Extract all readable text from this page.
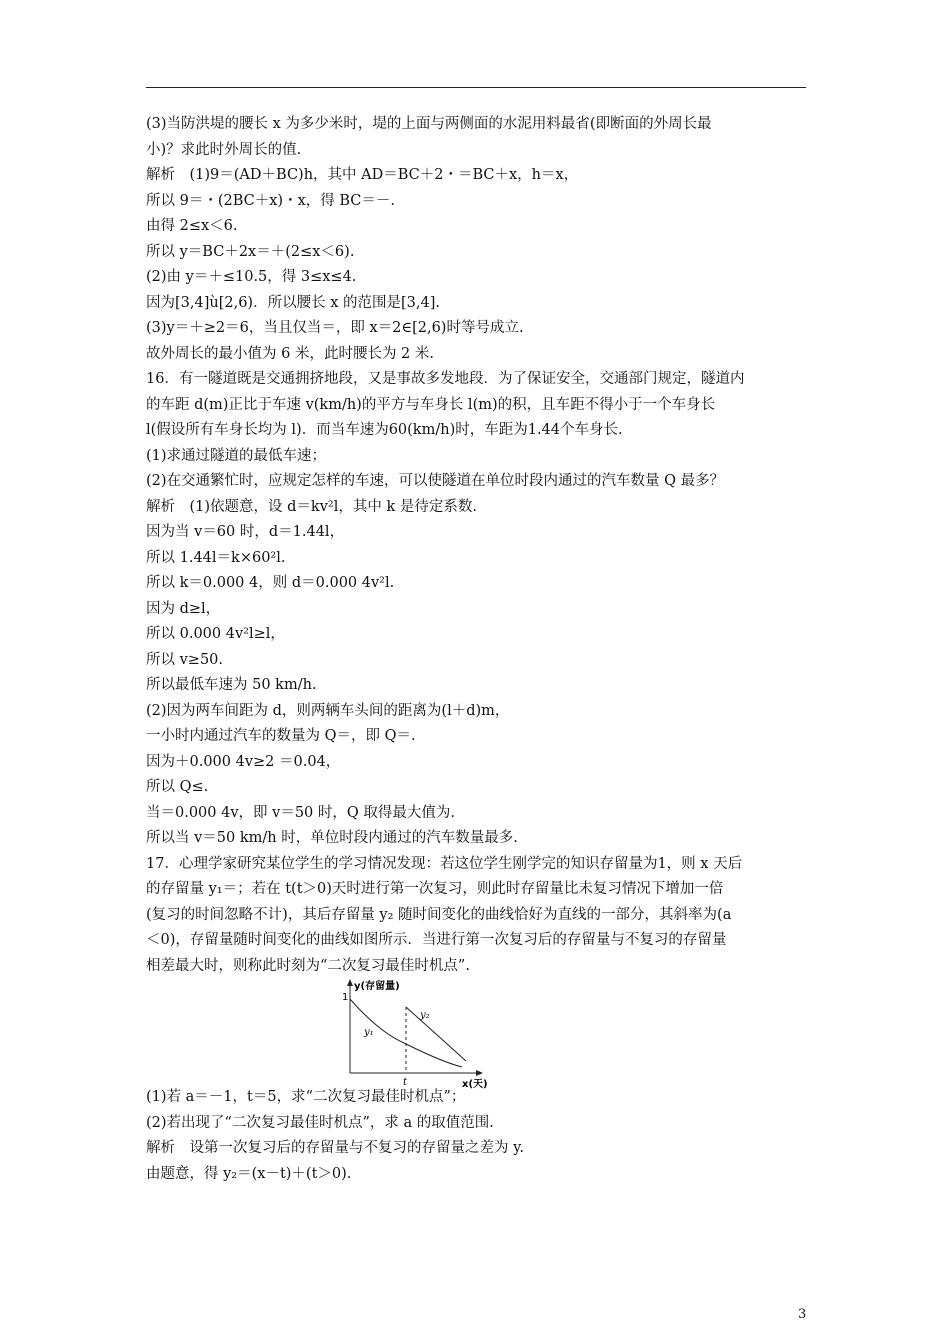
(3)当防洪堤的腰长 x 为多少米时，堤的上面与两侧面的水泥用料最省(即断面的外周长最
小)？求此时外周长的值.
解析　(1)9＝(AD＋BC)h，其中 AD＝BC＋2・＝BC＋x，h＝x，
所以 9＝・(2BC＋x)・x，得 BC＝－.
由得 2≤x＜6.
所以 y＝BC＋2x＝＋(2≤x＜6).
(2)由 y＝＋≤10.5，得 3≤x≤4.
因为[3,4]ù[2,6)．所以腰长 x 的范围是[3,4].
(3)y＝＋≥2＝6，当且仅当＝，即 x＝2∈[2,6)时等号成立.
故外周长的最小值为 6 米，此时腰长为 2 米.
16．有一隧道既是交通拥挤地段，又是事故多发地段．为了保证安全，交通部门规定，隧道内
的车距 d(m)正比于车速 v(km/h)的平方与车身长 l(m)的积，且车距不得小于一个车身长
l(假设所有车身长均为 l)．而当车速为60(km/h)时，车距为1.44个车身长.
(1)求通过隧道的最低车速；
(2)在交通繁忙时，应规定怎样的车速，可以使隧道在单位时段内通过的汽车数量 Q 最多？
解析　(1)依题意，设 d＝kv²l，其中 k 是待定系数.
因为当 v＝60 时，d＝1.44l，
所以 1.44l＝k×60²l.
所以 k＝0.000 4，则 d＝0.000 4v²l.
因为 d≥l，
所以 0.000 4v²l≥l，
所以 v≥50.
所以最低车速为 50 km/h.
(2)因为两车间距为 d，则两辆车头间的距离为(l＋d)m，
一小时内通过汽车的数量为 Q＝，即 Q＝.
因为＋0.000 4v≥2 ＝0.04，
所以 Q≤.
当＝0.000 4v，即 v＝50 时，Q 取得最大值为.
所以当 v＝50 km/h 时，单位时段内通过的汽车数量最多.
17．心理学家研究某位学生的学习情况发现：若这位学生刚学完的知识存留量为1，则 x 天后
的存留量 y₁＝；若在 t(t＞0)天时进行第一次复习，则此时存留量比未复习情况下增加一倍
(复习的时间忽略不计)，其后存留量 y₂ 随时间变化的曲线恰好为直线的一部分，其斜率为(a
＜0)，存留量随时间变化的曲线如图所示．当进行第一次复习后的存留量与不复习的存留量
相差最大时，则称此时刻为“二次复习最佳时机点”.
y(存留量)
1
y₁
y₂
t	x(天)
(1)若 a＝－1，t＝5，求“二次复习最佳时机点”；
(2)若出现了“二次复习最佳时机点”，求 a 的取值范围.
解析　设第一次复习后的存留量与不复习的存留量之差为 y.
由题意，得 y₂＝(x－t)＋(t＞0).
3
